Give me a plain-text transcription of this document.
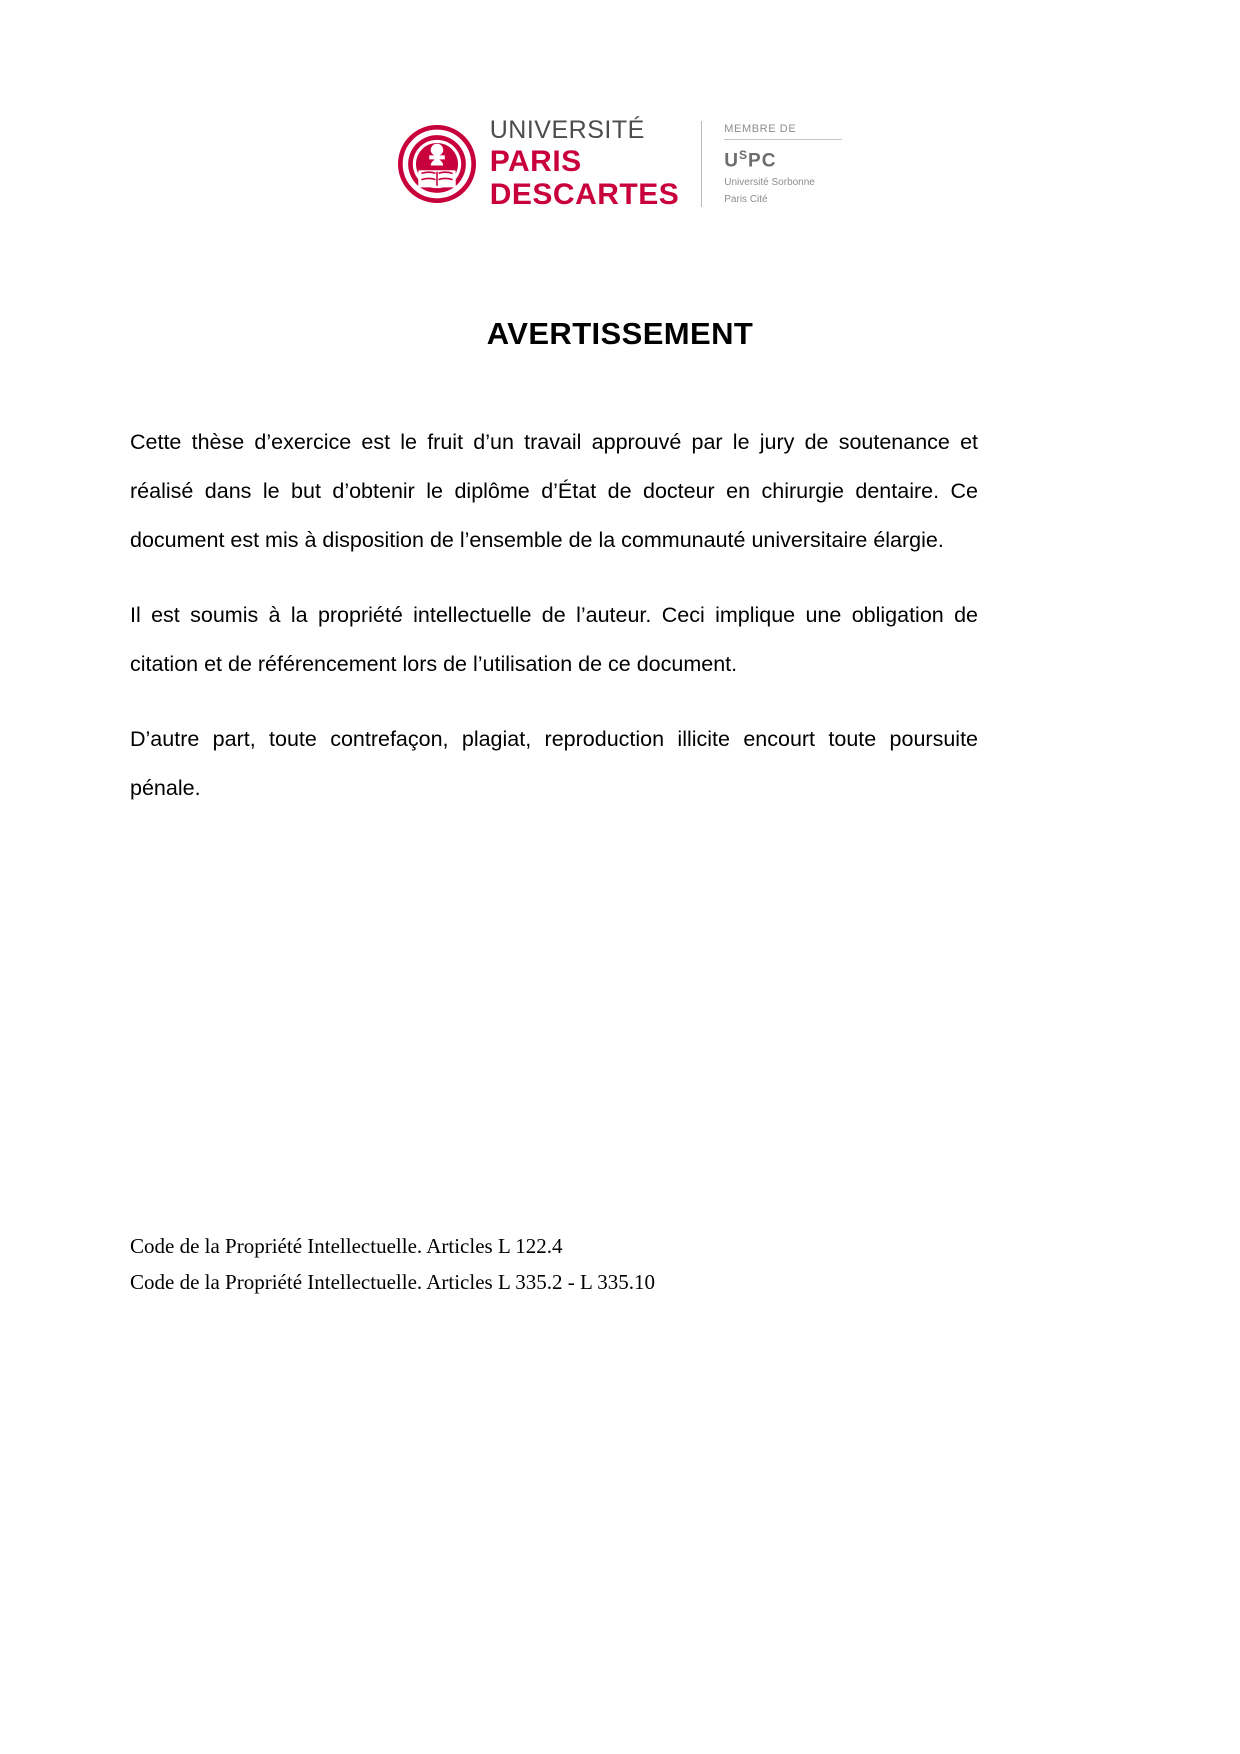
UNIVERSITÉ
PARIS
DESCARTES
MEMBRE DE
$U^SPC$
Université Sorbonne
Paris Cité
AVERTISSEMENT

Cette thèse d’exercice est le fruit d’un travail approuvé par le jury de soutenance et réalisé dans le but d’obtenir le diplôme d’État de docteur en chirurgie dentaire. Ce document est mis à disposition de l’ensemble de la communauté universitaire élargie.

Il est soumis à la propriété intellectuelle de l’auteur. Ceci implique une obligation de citation et de référencement lors de l’utilisation de ce document.

D’autre part, toute contrefaçon, plagiat, reproduction illicite encourt toute poursuite pénale.

Code de la Propriété Intellectuelle. Articles L 122.4
Code de la Propriété Intellectuelle. Articles L 335.2 - L 335.10
